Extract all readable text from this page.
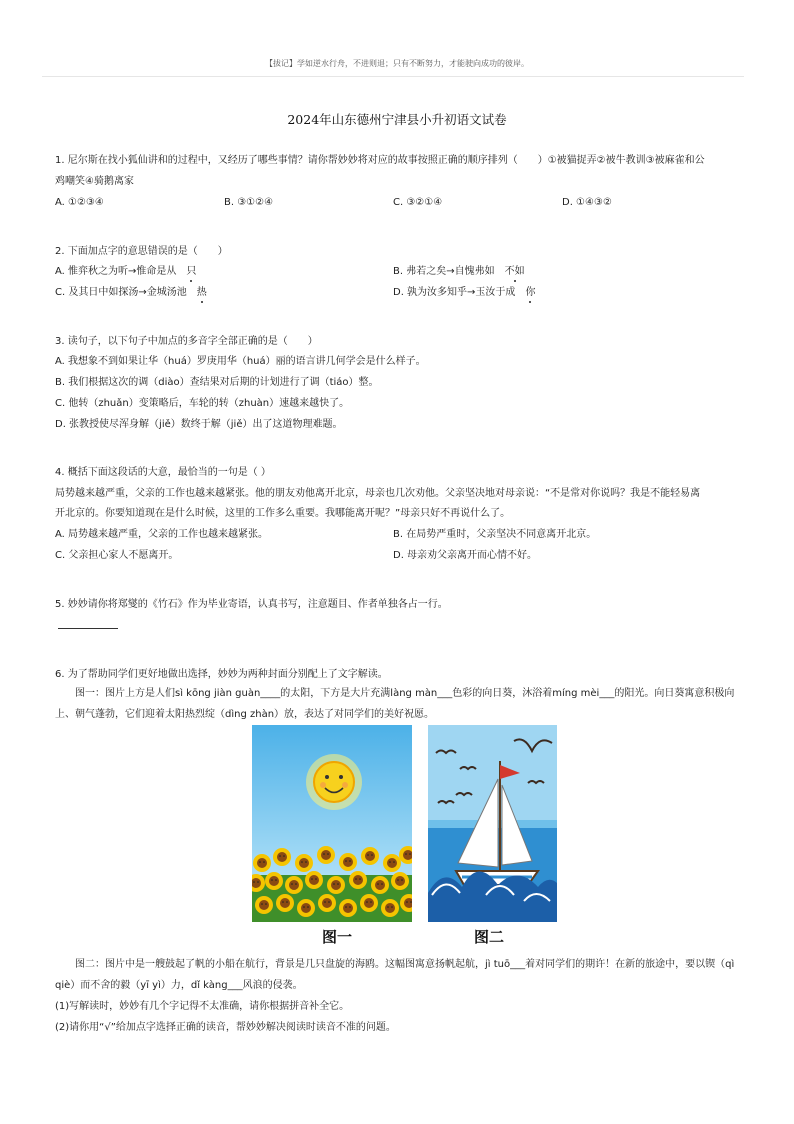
【拔记】学如逆水行舟，不进则退；只有不断努力，才能驶向成功的彼岸。
2024年山东德州宁津县小升初语文试卷
1. 尼尔斯在找小狐仙讲和的过程中，又经历了哪些事情？请你帮妙妙将对应的故事按照正确的顺序排列（　　）①被猫捉弄②被牛教训③被麻雀和公
鸡嘲笑④骑鹅离家
A. ①②③④	B. ③①②④	C. ③②①④	D. ①④③②
2. 下面加点字的意思错误的是（　　）
A. 惟弈秋之为听→惟命是从　只	B. 弗若之矣→自愧弗如　不如
C. 及其日中如探汤→金城汤池　热	D. 孰为汝多知乎→玉汝于成　你
3. 读句子，以下句子中加点的多音字全部正确的是（　　）
A. 我想象不到如果让华（huá）罗庚用华（huá）丽的语言讲几何学会是什么样子。
B. 我们根据这次的调（diào）查结果对后期的计划进行了调（tiáo）整。
C. 他转（zhuǎn）变策略后，车轮的转（zhuàn）速越来越快了。
D. 张教授使尽浑身解（jiě）数终于解（jiě）出了这道物理难题。
4. 概括下面这段话的大意，最恰当的一句是（ ）
局势越来越严重，父亲的工作也越来越紧张。他的朋友劝他离开北京，母亲也几次劝他。父亲坚决地对母亲说：“不是常对你说吗？我是不能轻易离
开北京的。你要知道现在是什么时候，这里的工作多么重要。我哪能离开呢？”母亲只好不再说什么了。
A. 局势越来越严重，父亲的工作也越来越紧张。	B. 在局势严重时，父亲坚决不同意离开北京。
C. 父亲担心家人不愿离开。	D. 母亲劝父亲离开而心情不好。
5. 妙妙请你将郑燮的《竹石》作为毕业寄语，认真书写，注意题目、作者单独各占一行。
6. 为了帮助同学们更好地做出选择，妙妙为两种封面分别配上了文字解读。
图一：图片上方是人们sì kōng jiàn guàn____的太阳，下方是大片充满làng màn___色彩的向日葵，沐浴着míng mèi___的阳光。向日葵寓意积极向上、朝气蓬勃，它们迎着太阳热烈绽（dìng zhàn）放，表达了对同学们的美好祝愿。
图一	图二
图二：图片中是一艘鼓起了帆的小船在航行，背景是几只盘旋的海鸥。这幅图寓意扬帆起航，jì tuō___着对同学们的期许！在新的旅途中，要以锲（qì qiè）而不舍的毅（yī yì）力，dǐ kàng___风浪的侵袭。
(1)写解读时，妙妙有几个字记得不太准确，请你根据拼音补全它。
(2)请你用“√”给加点字选择正确的读音，帮妙妙解决阅读时读音不准的问题。
